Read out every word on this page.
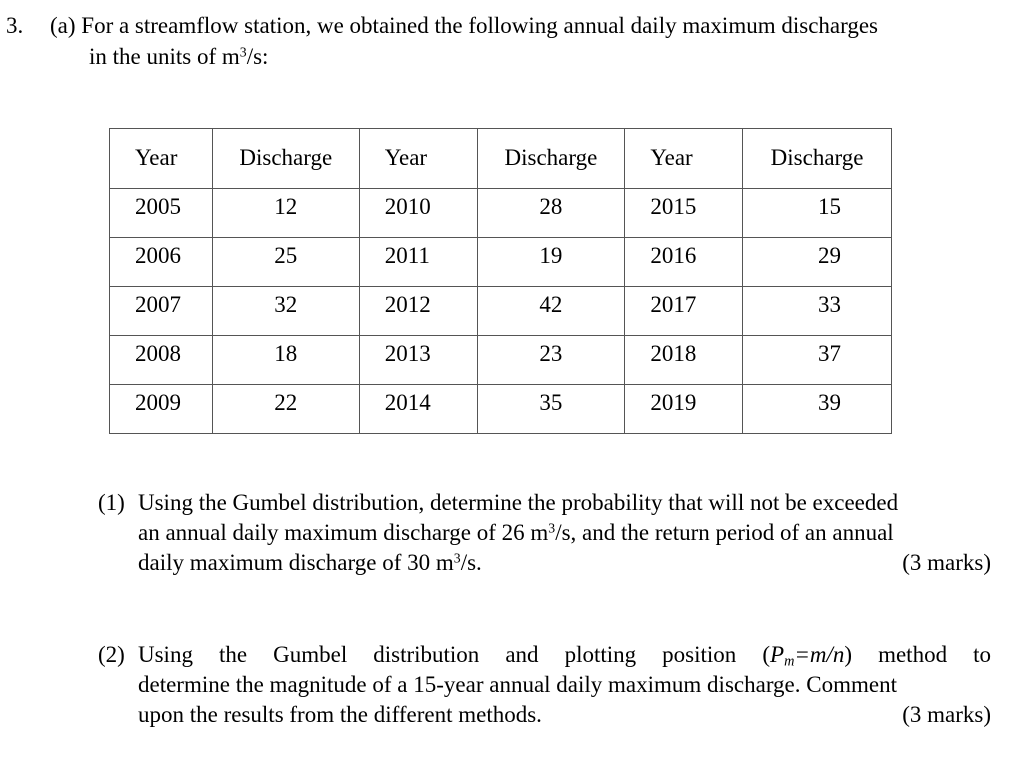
3. (a) For a streamflow station, we obtained the following annual daily maximum discharges
in the units of $m^3/s$:
Year	Discharge	Year	Discharge	Year	Discharge
2005	12	2010	28	2015	15
2006	25	2011	19	2016	29
2007	32	2012	42	2017	33
2008	18	2013	23	2018	37
2009	22	2014	35	2019	39
(1) Using the Gumbel distribution, determine the probability that will not be exceeded
an annual daily maximum discharge of 26 $m^3/s$, and the return period of an annual
daily maximum discharge of 30 $m^3/s$.	(3 marks)
(2) Using the Gumbel distribution and plotting position $(P_m=m/n)$ method to
determine the magnitude of a 15-year annual daily maximum discharge. Comment
upon the results from the different methods.	(3 marks)
